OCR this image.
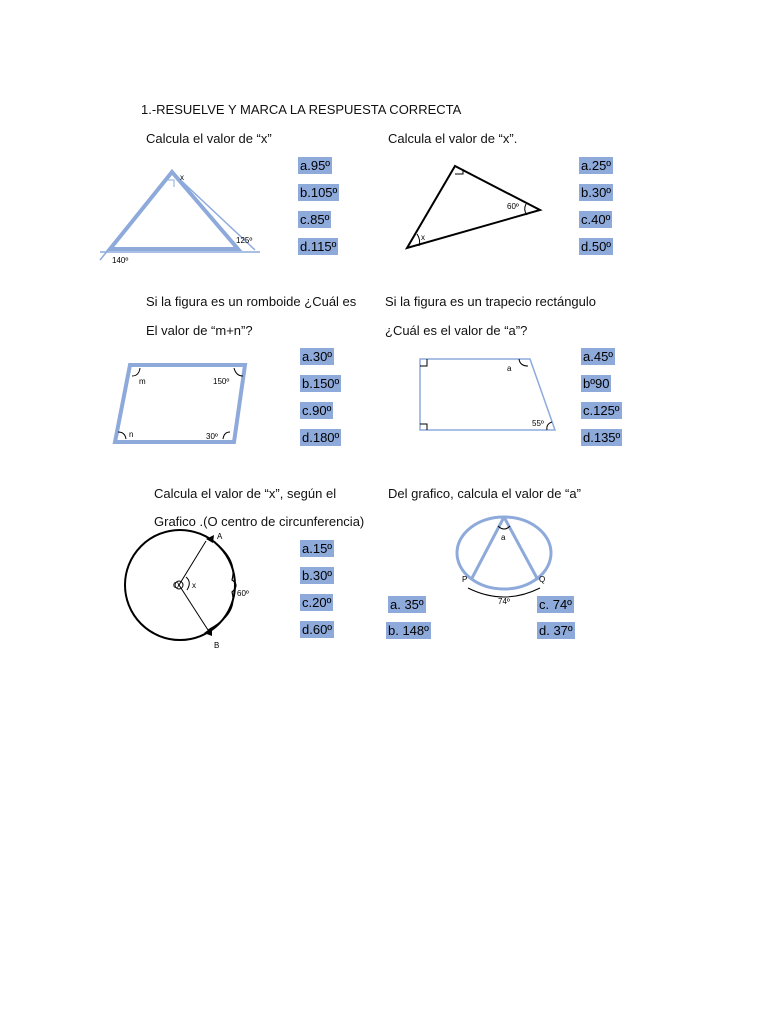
1.-RESUELVE Y MARCA LA RESPUESTA CORRECTA
Calcula el valor de “x”
x
125º
140º
a.95º
b.105º
c.85º
d.115º
Calcula el valor de “x”.
60º
x
a.25º
b.30º
c.40º
d.50º
Si la figura es un romboide ¿Cuál es
El valor de “m+n”?
m	150º
n	30º
a.30º
b.150º
c.90º
d.180º
Si la figura es un trapecio rectángulo
¿Cuál es el valor de “a”?
a
55º
a.45º
bº90
c.125º
d.135º
Calcula el valor de “x”, según el
Grafico .(O centro de circunferencia)
A
B
O x
60º
a.15º
b.30º
c.20º
d.60º
Del grafico, calcula el valor de “a”
a
P	Q
74º
a. 35º
b. 148º
c. 74º
d. 37º
